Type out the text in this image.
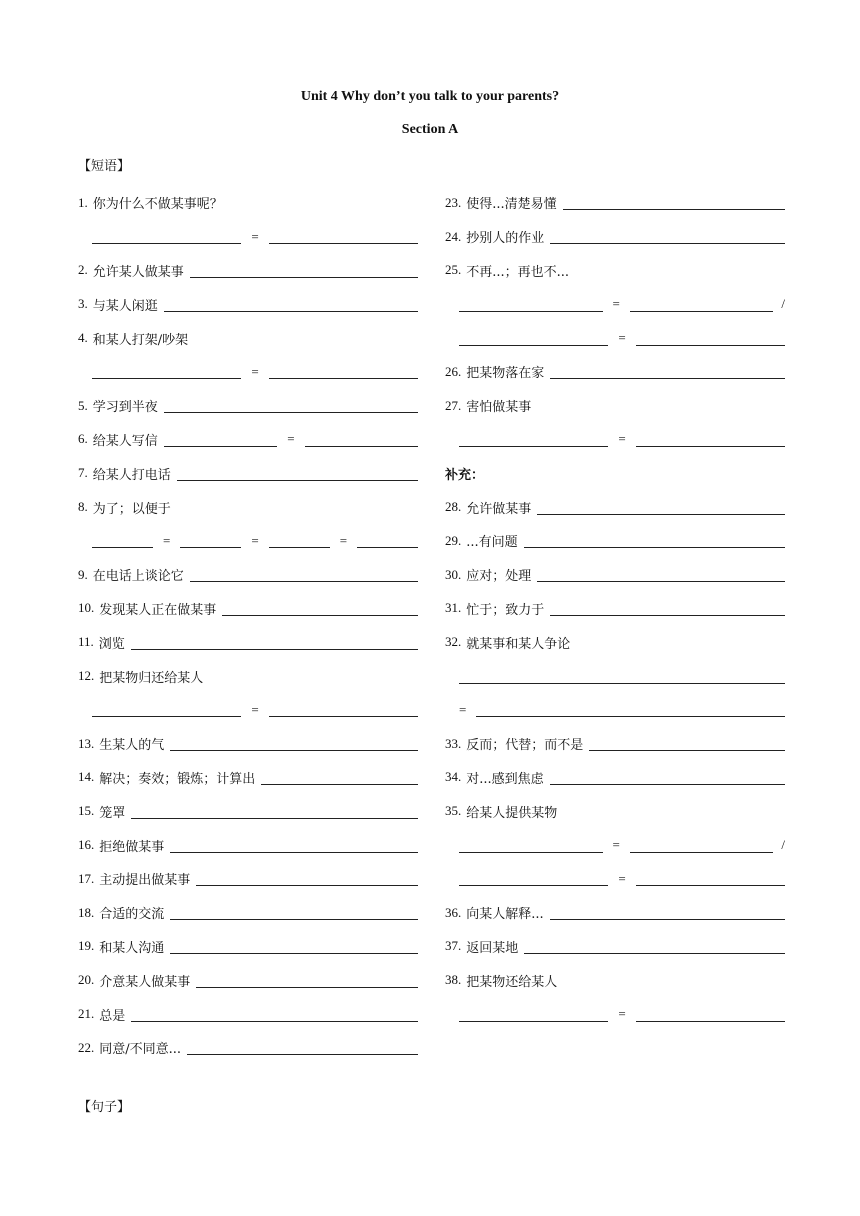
Unit 4 Why don’t you talk to your parents?
Section A
【短语】
1. 你为什么不做某事呢？
=
2. 允许某人做某事
3. 与某人闲逛
4. 和某人打架/吵架
=
5. 学习到半夜
6. 给某人写信	=
7. 给某人打电话
8. 为了；以便于
=	=	=
9. 在电话上谈论它
10. 发现某人正在做某事
11. 浏览
12. 把某物归还给某人
=
13. 生某人的气
14. 解决；奏效；锻炼；计算出
15. 笼罩
16. 拒绝做某事
17. 主动提出做某事
18. 合适的交流
19. 和某人沟通
20. 介意某人做某事
21. 总是
22. 同意/不同意...
23. 使得...清楚易懂
24. 抄别人的作业
25. 不再...；再也不...
=	/
=
26. 把某物落在家
27. 害怕做某事
=
补充：
28. 允许做某事
29. ...有问题
30. 应对；处理
31. 忙于；致力于
32. 就某事和某人争论
=
33. 反而；代替；而不是
34. 对...感到焦虑
35. 给某人提供某物
=	/
=
36. 向某人解释...
37. 返回某地
38. 把某物还给某人
=
【句子】
